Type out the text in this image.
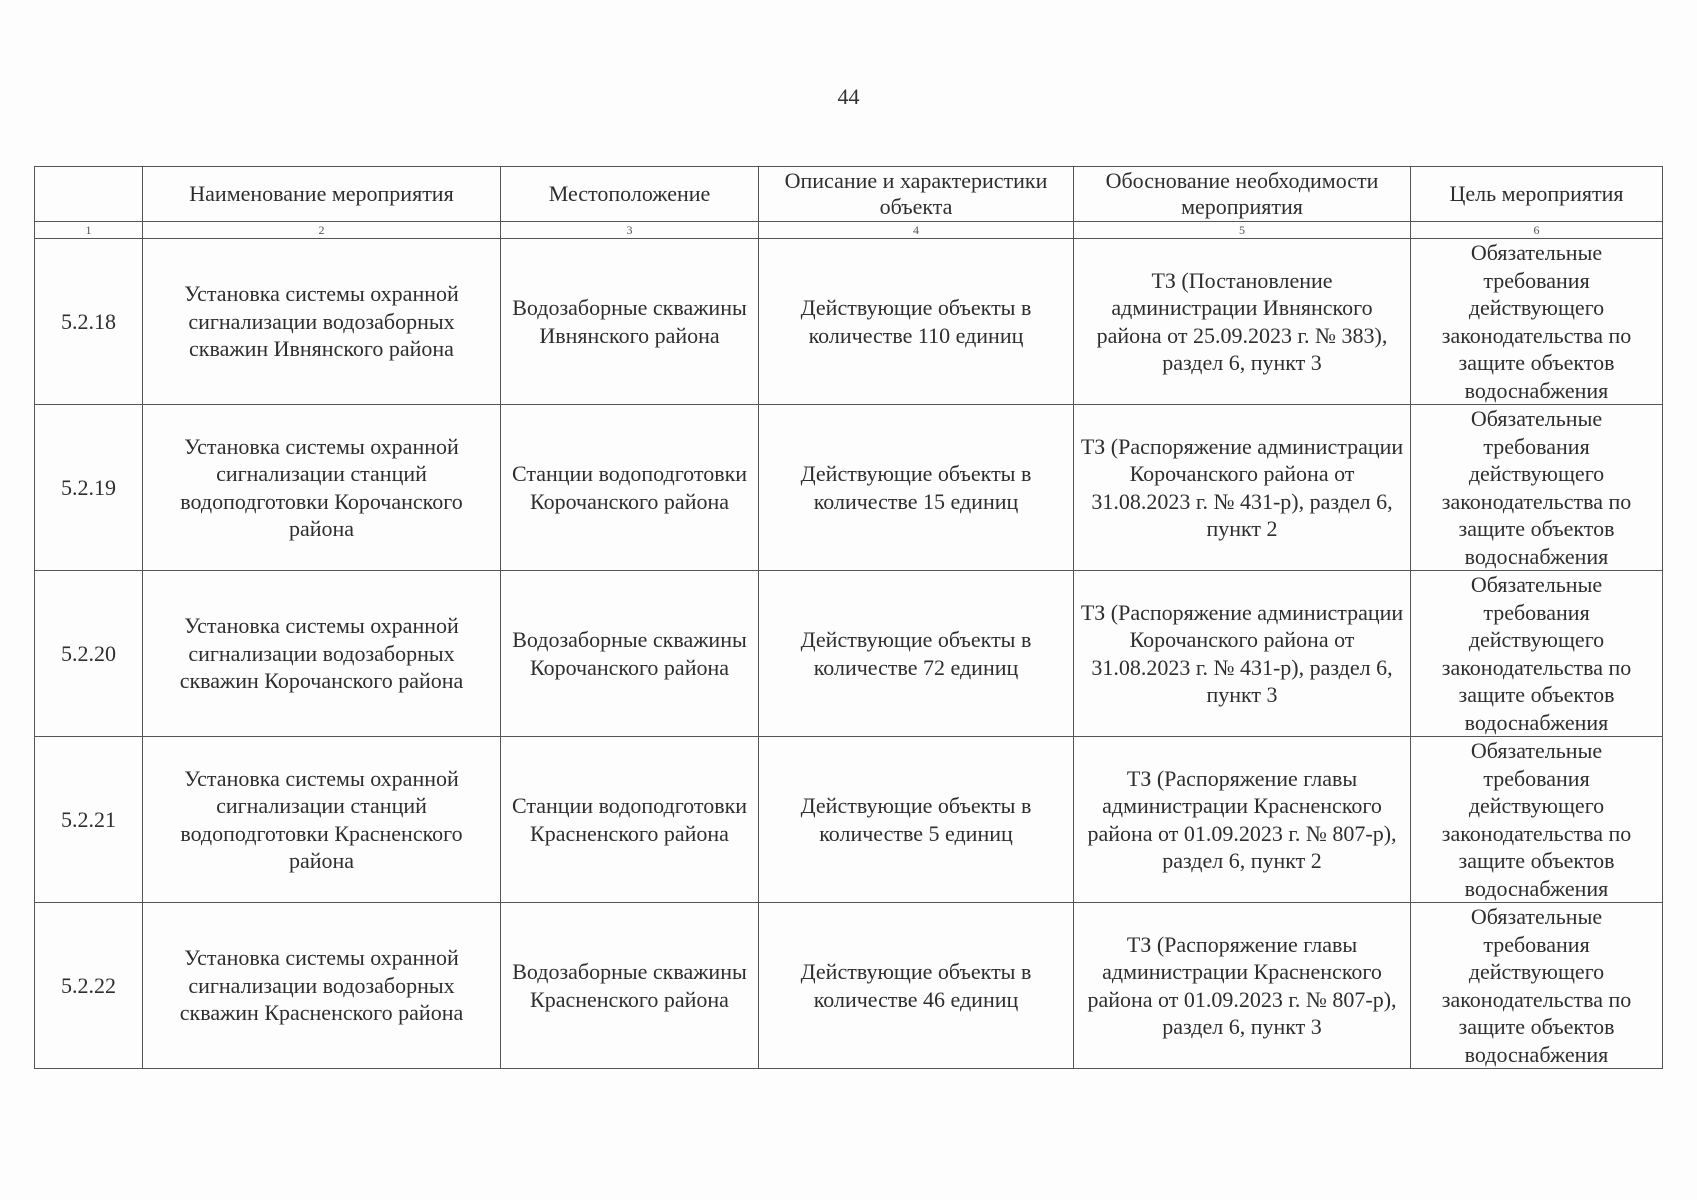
44
	Наименование мероприятия	Местоположение	Описание и характеристики объекта	Обоснование необходимости мероприятия	Цель мероприятия
1	2	3	4	5	6
5.2.18	Установка системы охранной сигнализации водозаборных скважин Ивнянского района	Водозаборные скважины Ивнянского района	Действующие объекты в количестве 110 единиц	ТЗ (Постановление администрации Ивнянского района от 25.09.2023 г. № 383), раздел 6, пункт 3	Обязательные требования действующего законодательства по защите объектов водоснабжения
5.2.19	Установка системы охранной сигнализации станций водоподготовки Корочанского района	Станции водоподготовки Корочанского района	Действующие объекты в количестве 15 единиц	ТЗ (Распоряжение администрации Корочанского района от 31.08.2023 г. № 431-р), раздел 6, пункт 2	Обязательные требования действующего законодательства по защите объектов водоснабжения
5.2.20	Установка системы охранной сигнализации водозаборных скважин Корочанского района	Водозаборные скважины Корочанского района	Действующие объекты в количестве 72 единиц	ТЗ (Распоряжение администрации Корочанского района от 31.08.2023 г. № 431-р), раздел 6, пункт 3	Обязательные требования действующего законодательства по защите объектов водоснабжения
5.2.21	Установка системы охранной сигнализации станций водоподготовки Красненского района	Станции водоподготовки Красненского района	Действующие объекты в количестве 5 единиц	ТЗ (Распоряжение главы администрации Красненского района от 01.09.2023 г. № 807-р), раздел 6, пункт 2	Обязательные требования действующего законодательства по защите объектов водоснабжения
5.2.22	Установка системы охранной сигнализации водозаборных скважин Красненского района	Водозаборные скважины Красненского района	Действующие объекты в количестве 46 единиц	ТЗ (Распоряжение главы администрации Красненского района от 01.09.2023 г. № 807-р), раздел 6, пункт 3	Обязательные требования действующего законодательства по защите объектов водоснабжения
